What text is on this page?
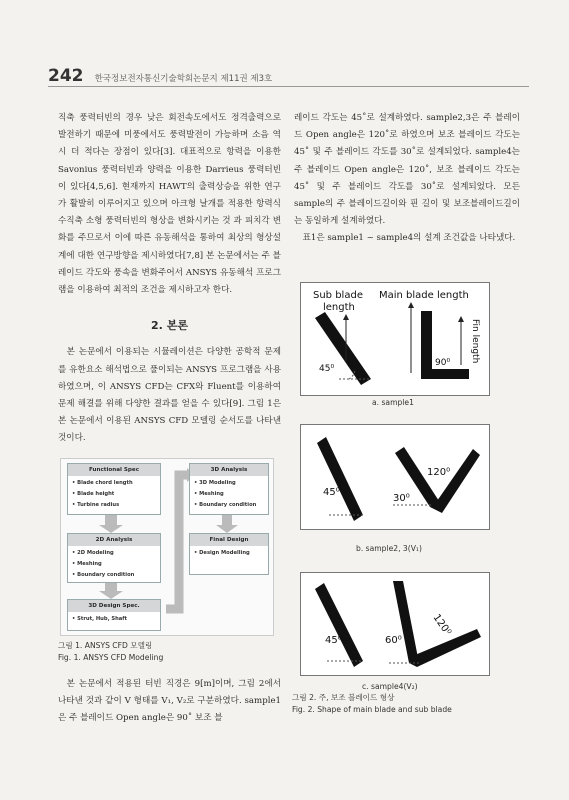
242 한국정보전자통신기술학회논문지 제11권 제3호

직축 풍력터빈의 경우 낮은 회전속도에서도 정격출력으로 발전하기 때문에 미풍에서도 풍력발전이 가능하며 소음 역시 더 적다는 장점이 있다[3]. 대표적으로 항력을 이용한 Savonius 풍력터빈과 양력을 이용한 Darrieus 풍력터빈이 있다[4,5,6]. 현재까지 HAWT의 출력상승을 위한 연구가 활발히 이루어지고 있으며 아크형 날개를 적용한 항력식 수직축 소형 풍력터빈의 형상을 변화시키는 것 과 피치각 변화를 주므로서 이에 따른 유동해석을 통하여 최상의 형상설계에 대한 연구방향을 제시하였다[7,8] 본 논문에서는 주 블레이드 각도와 풍속을 변화주어서 ANSYS 유동해석 프로그램을 이용하여 최적의 조건을 제시하고자 한다.

2. 본론

본 논문에서 이용되는 시뮬레이션은 다양한 공학적 문제를 유한요소 해석법으로 풀이되는 ANSYS 프로그램을 사용하였으며, 이 ANSYS CFD는 CFX와 Fluent를 이용하여 문제 해결를 위해 다양한 결과를 얻을 수 있다[9]. 그림 1은 본 논문에서 이용된 ANSYS CFD 모델링 순서도를 나타낸 것이다.

Functional Spec
• Blade chord length
• Blade height
• Turbine radius
2D Analysis
• 2D Modeling
• Meshing
• Boundary condition
3D Design Spec.
• Strut, Hub, Shaft
3D Analysis
• 3D Modeling
• Meshing
• Boundary condition
Final Design
• Design Modelling
그림 1. ANSYS CFD 모델링
Fig. 1. ANSYS CFD Modeling

본 논문에서 적용된 터빈 직경은 9[m]이며, 그림 2에서 나타낸 것과 같이 V 형태를 V₁, V₂로 구분하였다. sample1은 주 블레이드 Open angle은 90˚ 보조 블

레이드 각도는 45˚로 설계하였다. sample2,3은 주 블레이드 Open angle은 120˚로 하였으며 보조 블레이드 각도는 45˚ 및 주 블레이드 각도를 30˚로 설계되었다. sample4는 주 블레이드 Open angle은 120˚, 보조 블레이드 각도는 45˚ 및 주 블레이드 각도를 30˚로 설계되었다. 모든 sample의 주 블레이드길이와 핀 길이 및 보조블레이드길이는 동일하게 설계하였다.

표1은 sample1 ~ sample4의 설계 조건값을 나타냈다.

Sub blade
length
Main blade length
Fin length
45⁰
90⁰
a. sample1
45⁰
30⁰
120⁰
b. sample2, 3(V₁)
45⁰	60⁰
120⁰
c. sample4(V₂)
그림 2. 주, 보조 블레이드 형상
Fig. 2. Shape of main blade and sub blade
